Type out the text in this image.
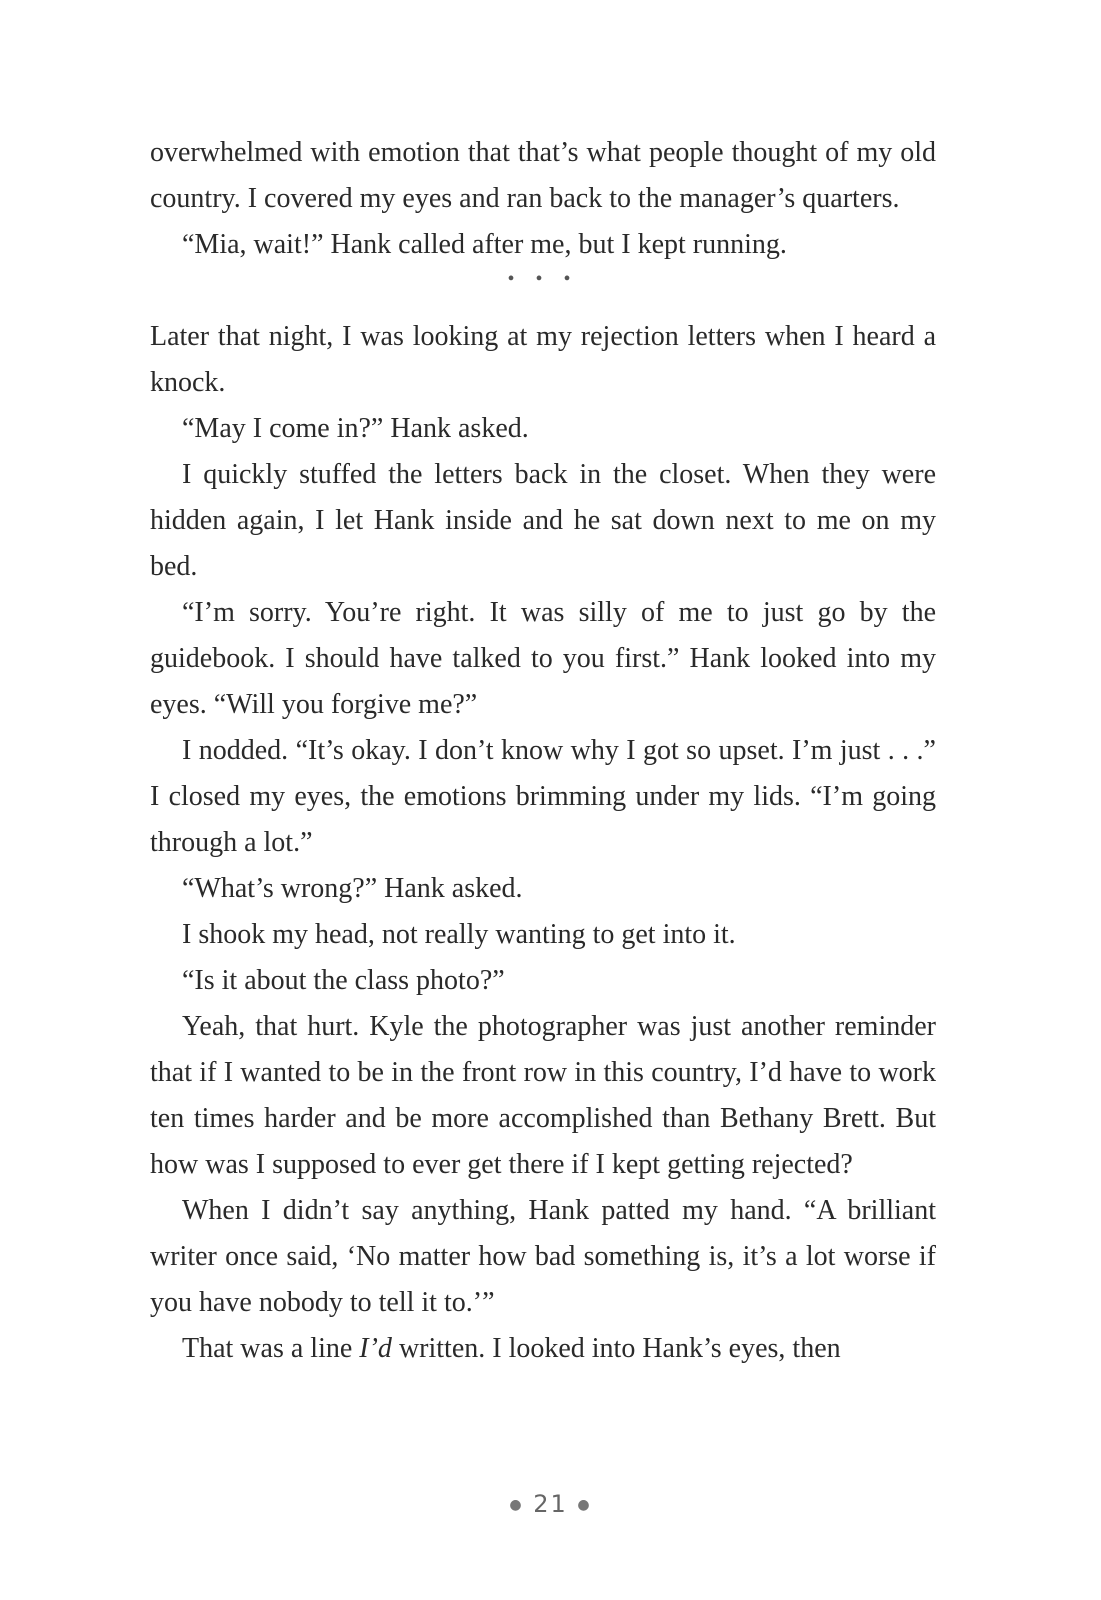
overwhelmed with emotion that that’s what people thought of my old country. I covered my eyes and ran back to the manager’s quarters.

“Mia, wait!” Hank called after me, but I kept running.

• • •

Later that night, I was looking at my rejection letters when I heard a knock.

“May I come in?” Hank asked.

I quickly stuffed the letters back in the closet. When they were hidden again, I let Hank inside and he sat down next to me on my bed.

“I’m sorry. You’re right. It was silly of me to just go by the guidebook. I should have talked to you first.” Hank looked into my eyes. “Will you forgive me?”

I nodded. “It’s okay. I don’t know why I got so upset. I’m just . . .” I closed my eyes, the emotions brimming under my lids. “I’m going through a lot.”

“What’s wrong?” Hank asked.

I shook my head, not really wanting to get into it.

“Is it about the class photo?”

Yeah, that hurt. Kyle the photographer was just another reminder that if I wanted to be in the front row in this country, I’d have to work ten times harder and be more accomplished than Bethany Brett. But how was I supposed to ever get there if I kept getting rejected?

When I didn’t say anything, Hank patted my hand. “A brilliant writer once said, ‘No matter how bad something is, it’s a lot worse if you have nobody to tell it to.’”

That was a line I’d written. I looked into Hank’s eyes, then

● 21 ●
